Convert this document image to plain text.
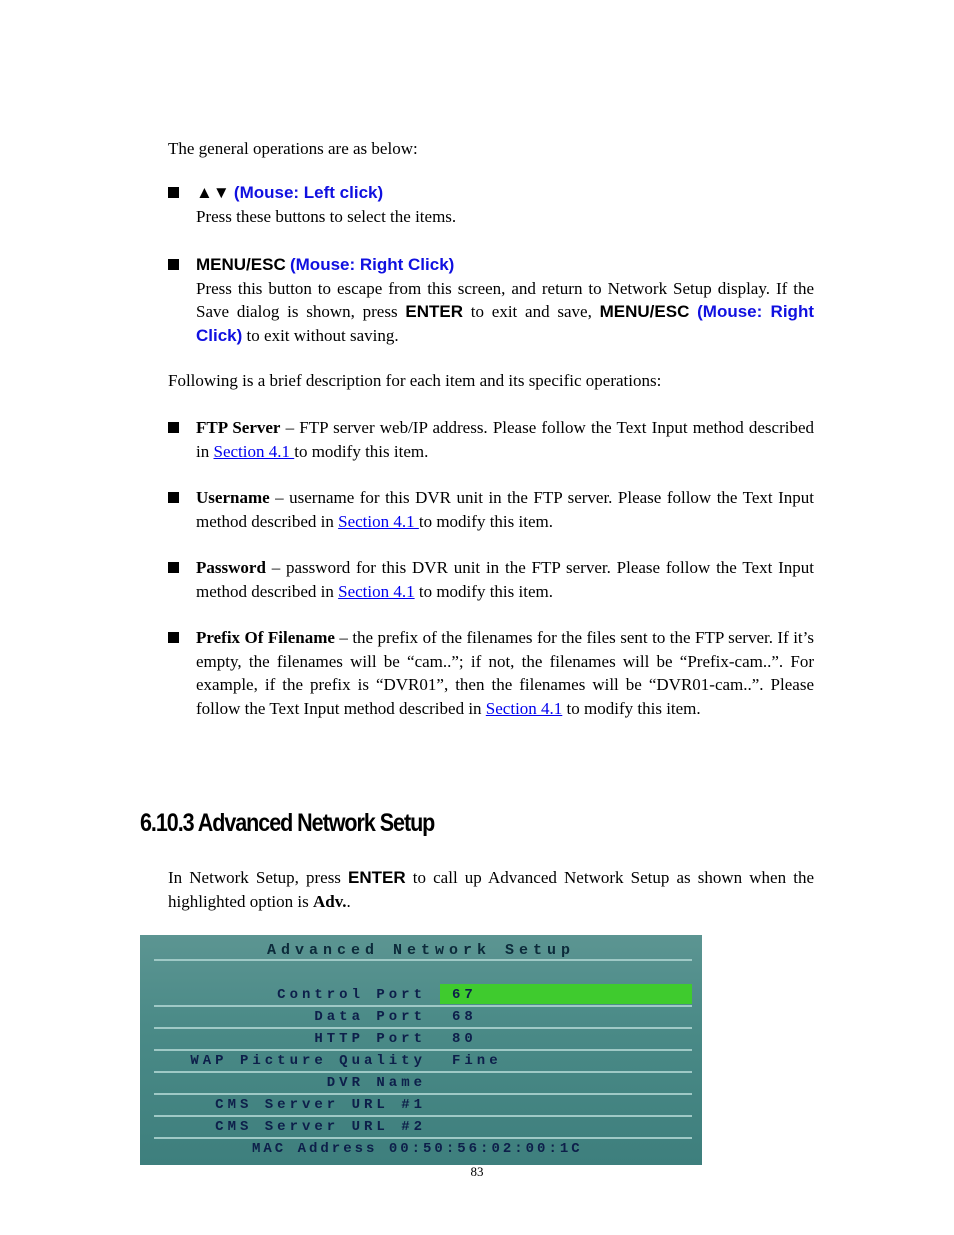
The general operations are as below:
▲▼ (Mouse: Left click)
Press these buttons to select the items.
MENU/ESC (Mouse: Right Click)
Press this button to escape from this screen, and return to Network Setup display. If the Save dialog is shown, press ENTER to exit and save, MENU/ESC (Mouse: Right Click) to exit without saving.
Following is a brief description for each item and its specific operations:
FTP Server – FTP server web/IP address. Please follow the Text Input method described in Section 4.1 to modify this item.
Username – username for this DVR unit in the FTP server. Please follow the Text Input method described in Section 4.1 to modify this item.
Password – password for this DVR unit in the FTP server. Please follow the Text Input method described in Section 4.1 to modify this item.
Prefix Of Filename – the prefix of the filenames for the files sent to the FTP server. If it’s empty, the filenames will be “cam..”; if not, the filenames will be “Prefix-cam..”. For example, if the prefix is “DVR01”, then the filenames will be “DVR01-cam..”. Please follow the Text Input method described in Section 4.1 to modify this item.
6.10.3 Advanced Network Setup
In Network Setup, press ENTER to call up Advanced Network Setup as shown when the highlighted option is Adv..
Advanced Network Setup
Control Port 67
Data Port 68
HTTP Port 80
WAP Picture Quality Fine
DVR Name
CMS Server URL #1
CMS Server URL #2
MAC Address 00:50:56:02:00:1C
83
